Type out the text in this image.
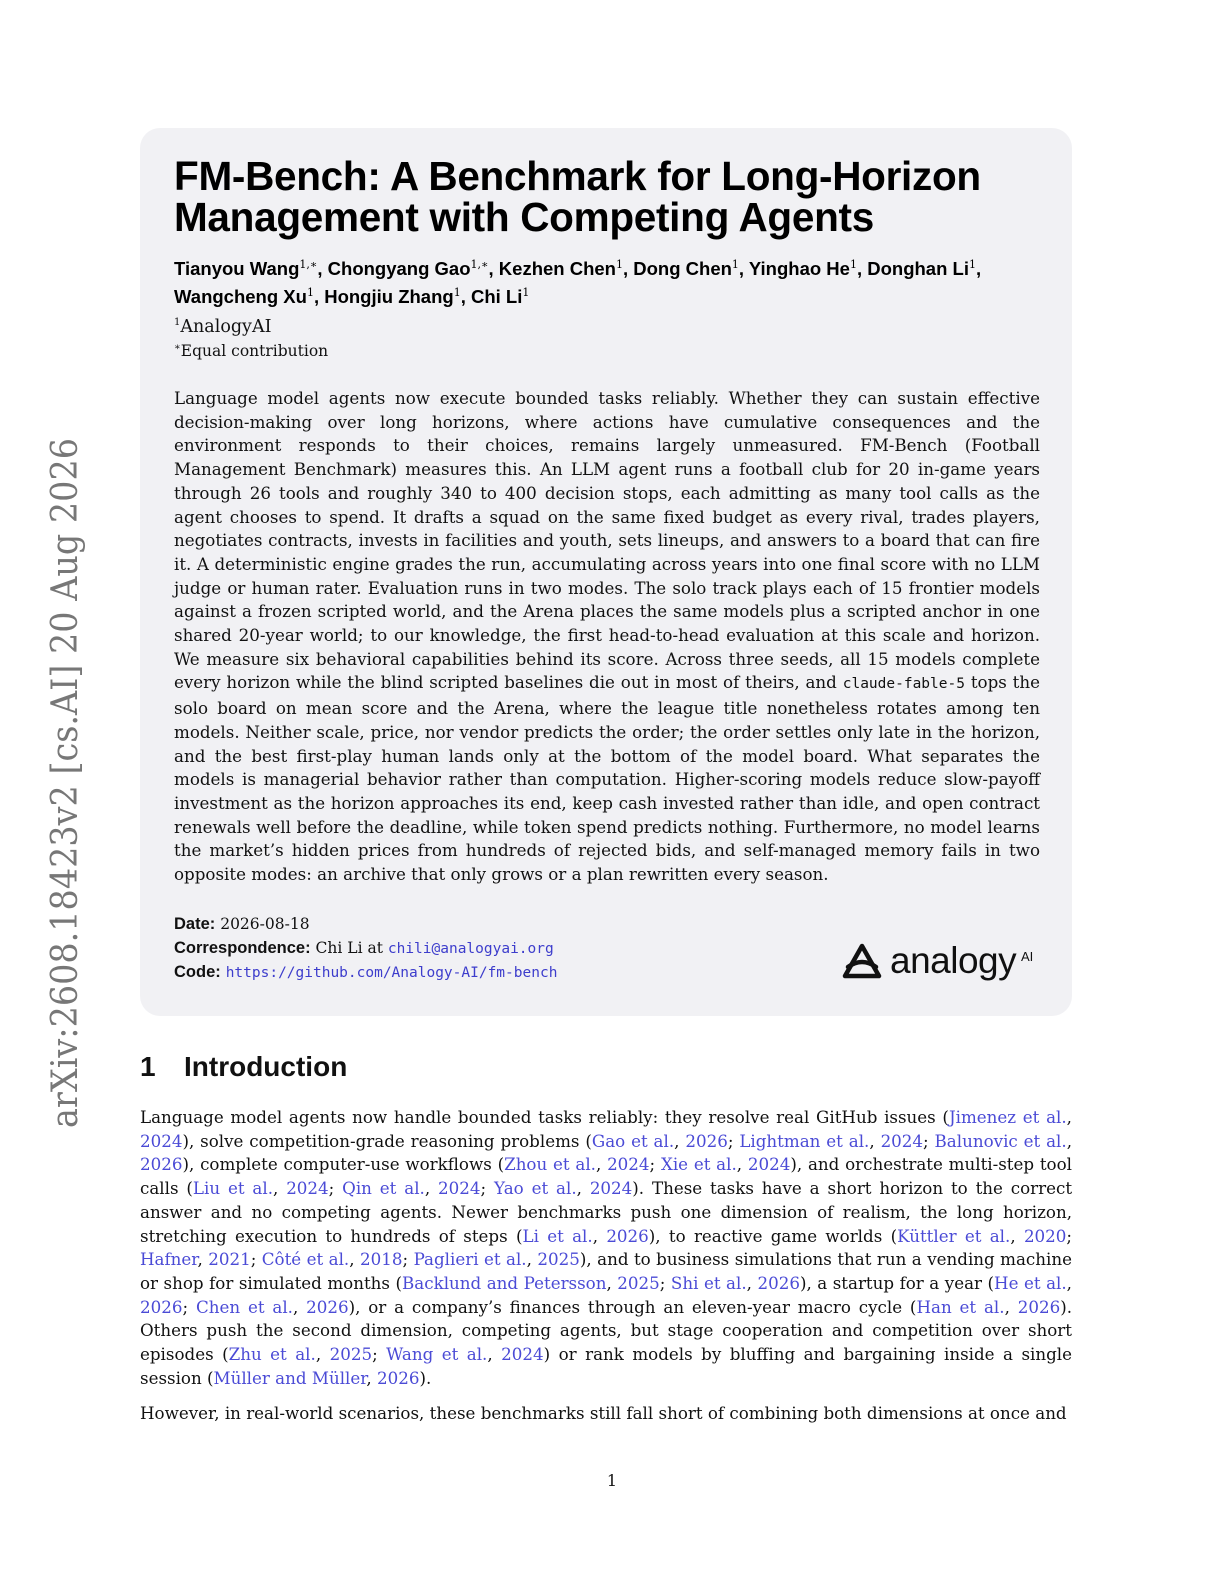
arXiv:2608.18423v2 [cs.AI] 20 Aug 2026
FM-Bench: A Benchmark for Long-Horizon Management with Competing Agents
Tianyou Wang$^{1,∗}$, Chongyang Gao$^{1,∗}$, Kezhen Chen$^1$, Dong Chen$^1$, Yinghao He$^1$, Donghan Li$^1$,
Wangcheng Xu$^1$, Hongjiu Zhang$^1$, Chi Li$^1$
$^1$AnalogyAI
∗Equal contribution

Language model agents now execute bounded tasks reliably. Whether they can sustain effective decision-making over long horizons, where actions have cumulative consequences and the environment responds to their choices, remains largely unmeasured. FM-Bench (Football Management Benchmark) measures this. An LLM agent runs a football club for 20 in-game years through 26 tools and roughly 340 to 400 decision stops, each admitting as many tool calls as the agent chooses to spend. It drafts a squad on the same fixed budget as every rival, trades players, negotiates contracts, invests in facilities and youth, sets lineups, and answers to a board that can fire it. A deterministic engine grades the run, accumulating across years into one final score with no LLM judge or human rater. Evaluation runs in two modes. The solo track plays each of 15 frontier models against a frozen scripted world, and the Arena places the same models plus a scripted anchor in one shared 20-year world; to our knowledge, the first head-to-head evaluation at this scale and horizon. We measure six behavioral capabilities behind its score. Across three seeds, all 15 models complete every horizon while the blind scripted baselines die out in most of theirs, and claude-fable-5 tops the solo board on mean score and the Arena, where the league title nonetheless rotates among ten models. Neither scale, price, nor vendor predicts the order; the order settles only late in the horizon, and the best first-play human lands only at the bottom of the model board. What separates the models is managerial behavior rather than computation. Higher-scoring models reduce slow-payoff investment as the horizon approaches its end, keep cash invested rather than idle, and open contract renewals well before the deadline, while token spend predicts nothing. Furthermore, no model learns the market’s hidden prices from hundreds of rejected bids, and self-managed memory fails in two opposite modes: an archive that only grows or a plan rewritten every season.

Date: 2026-08-18
Correspondence: Chi Li at chili@analogyai.org
Code: https://github.com/Analogy-AI/fm-bench	analogy AI
1 Introduction

Language model agents now handle bounded tasks reliably: they resolve real GitHub issues (Jimenez et al., 2024), solve competition-grade reasoning problems (Gao et al., 2026; Lightman et al., 2024; Balunovic et al., 2026), complete computer-use workflows (Zhou et al., 2024; Xie et al., 2024), and orchestrate multi-step tool calls (Liu et al., 2024; Qin et al., 2024; Yao et al., 2024). These tasks have a short horizon to the correct answer and no competing agents. Newer benchmarks push one dimension of realism, the long horizon, stretching execution to hundreds of steps (Li et al., 2026), to reactive game worlds (Küttler et al., 2020; Hafner, 2021; Côté et al., 2018; Paglieri et al., 2025), and to business simulations that run a vending machine or shop for simulated months (Backlund and Petersson, 2025; Shi et al., 2026), a startup for a year (He et al., 2026; Chen et al., 2026), or a company’s finances through an eleven-year macro cycle (Han et al., 2026). Others push the second dimension, competing agents, but stage cooperation and competition over short episodes (Zhu et al., 2025; Wang et al., 2024) or rank models by bluffing and bargaining inside a single session (Müller and Müller, 2026).

However, in real-world scenarios, these benchmarks still fall short of combining both dimensions at once and

1
